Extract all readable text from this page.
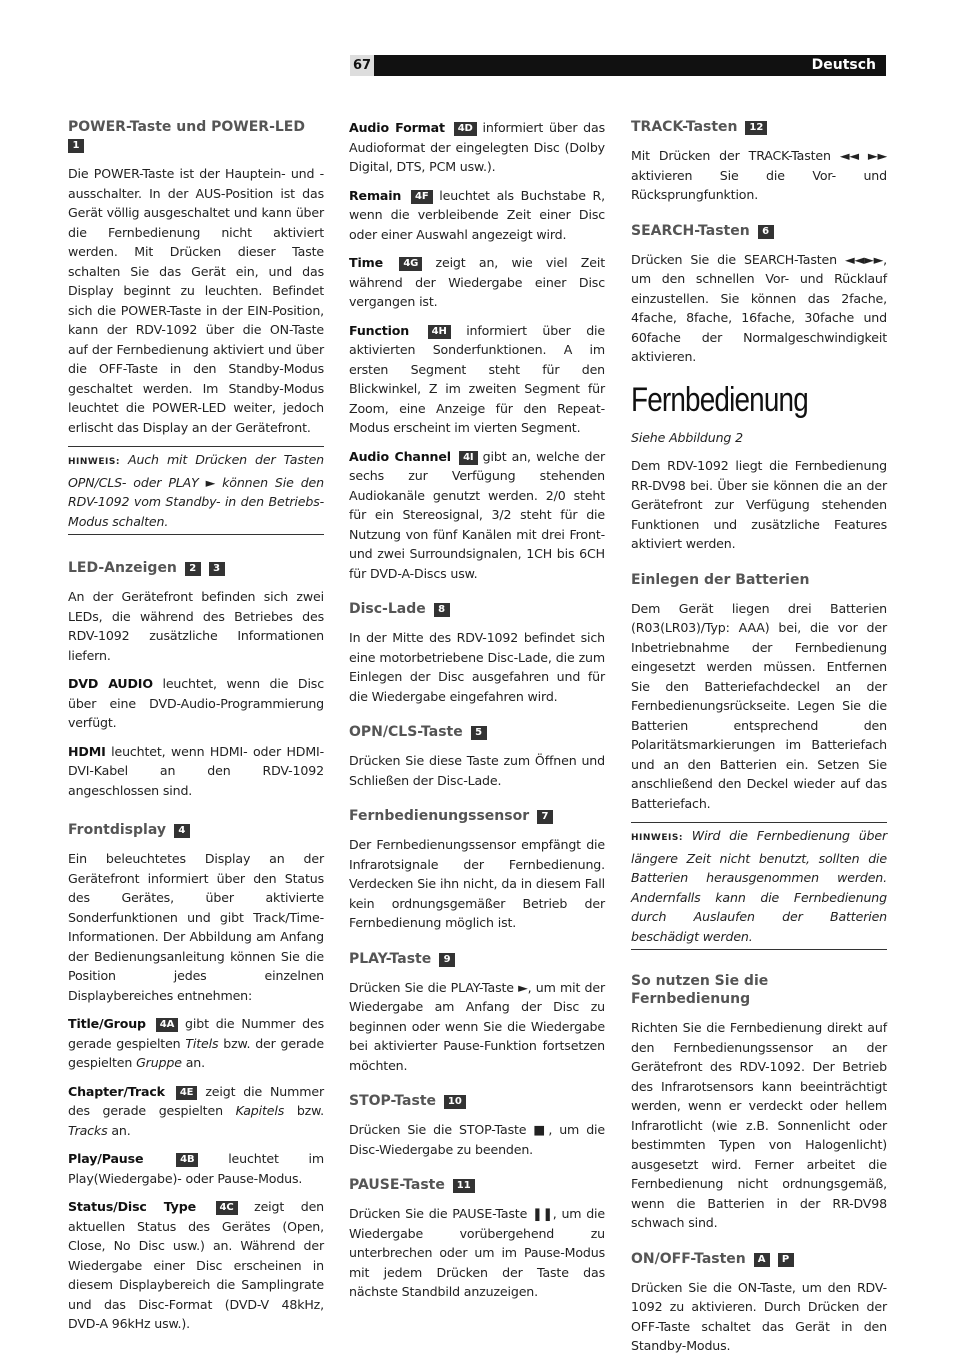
67	Deutsch
POWER-Taste und POWER-LED
1

Die POWER-Taste ist der Hauptein- und -ausschalter. In der AUS-Position ist das Gerät völlig ausgeschaltet und kann über die Fernbedienung nicht aktiviert werden. Mit Drücken dieser Taste schalten Sie das Gerät ein, und das Display beginnt zu leuchten. Befindet sich die POWER-Taste in der EIN-Position, kann der RDV-1092 über die ON-Taste auf der Fernbedienung aktiviert und über die OFF-Taste in den Standby-Modus geschaltet werden. Im Standby-Modus leuchtet die POWER-LED weiter, jedoch erlischt das Display an der Gerätefront.

HINWEIS: Auch mit Drücken der Tasten OPN/CLS- oder PLAY ► können Sie den RDV-1092 vom Standby- in den Betriebs-Modus schalten.

LED-Anzeigen 2 3

An der Gerätefront befinden sich zwei LEDs, die während des Betriebes des RDV-1092 zusätzliche Informationen liefern.

DVD AUDIO leuchtet, wenn die Disc über eine DVD-Audio-Programmierung verfügt.

HDMI leuchtet, wenn HDMI- oder HDMI-DVI-Kabel an den RDV-1092 angeschlossen sind.

Frontdisplay 4

Ein beleuchtetes Display an der Gerätefront informiert über den Status des Gerätes, über aktivierte Sonderfunktionen und gibt Track/Time-Informationen. Der Abbildung am Anfang der Bedienungsanleitung können Sie die Position jedes einzelnen Displaybereiches entnehmen:

Title/Group 4A gibt die Nummer des gerade gespielten Titels bzw. der gerade gespielten Gruppe an.

Chapter/Track 4E zeigt die Nummer des gerade gespielten Kapitels bzw. Tracks an.

Play/Pause	4B	leuchtet im Play(Wiedergabe)- oder Pause-Modus.

Status/Disc Type 4C zeigt den aktuellen Status des Gerätes (Open, Close, No Disc usw.) an. Während der Wiedergabe einer Disc erscheinen in diesem Displaybereich die Samplingrate und das Disc-Format (DVD-V 48kHz, DVD-A 96kHz usw.).

Audio Format 4D informiert über das Audioformat der eingelegten Disc (Dolby Digital, DTS, PCM usw.).

Remain 4F leuchtet als Buchstabe R, wenn die verbleibende Zeit einer Disc oder einer Auswahl angezeigt wird.

Time 4G zeigt an, wie viel Zeit während der Wiedergabe einer Disc vergangen ist.

Function 4H informiert über die aktivierten Sonderfunktionen. A im ersten Segment steht für den Blickwinkel, Z im zweiten Segment für Zoom, eine Anzeige für den Repeat-Modus erscheint im vierten Segment.

Audio Channel 4I gibt an, welche der sechs zur Verfügung stehenden Audiokanäle genutzt werden. 2/0 steht für ein Stereosignal, 3/2 steht für die Nutzung von fünf Kanälen mit drei Front- und zwei Surroundsignalen, 1CH bis 6CH für DVD-A-Discs usw.

Disc-Lade 8

In der Mitte des RDV-1092 befindet sich eine motorbetriebene Disc-Lade, die zum Einlegen der Disc ausgefahren und für die Wiedergabe eingefahren wird.

OPN/CLS-Taste 5

Drücken Sie diese Taste zum Öffnen und Schließen der Disc-Lade.

Fernbedienungssensor 7

Der Fernbedienungssensor empfängt die Infrarotsignale der Fernbedienung. Verdecken Sie ihn nicht, da in diesem Fall kein ordnungsgemäßer Betrieb der Fernbedienung möglich ist.

PLAY-Taste 9

Drücken Sie die PLAY-Taste ►, um mit der Wiedergabe am Anfang der Disc zu beginnen oder wenn Sie die Wiedergabe bei aktivierter Pause-Funktion fortsetzen möchten.

STOP-Taste 10

Drücken Sie die STOP-Taste ■, um die Disc-Wiedergabe zu beenden.

PAUSE-Taste 11

Drücken Sie die PAUSE-Taste ❚❚, um die Wiedergabe vorübergehend zu unterbrechen oder um im Pause-Modus mit jedem Drücken der Taste das nächste Standbild anzuzeigen.

TRACK-Tasten 12

Mit Drücken der TRACK-Tasten ◄◄ ►► aktivieren Sie die Vor- und Rücksprungfunktion.

SEARCH-Tasten 6

Drücken Sie die SEARCH-Tasten ◄◄►►, um den schnellen Vor- und Rücklauf einzustellen. Sie können das 2fache, 4fache, 8fache, 16fache, 30fache und 60fache der Normalgeschwindigkeit aktivieren.

Fernbedienung

Siehe Abbildung 2

Dem RDV-1092 liegt die Fernbedienung RR-DV98 bei. Über sie können die an der Gerätefront zur Verfügung stehenden Funktionen und zusätzliche Features aktiviert werden.

Einlegen der Batterien

Dem Gerät liegen drei Batterien (R03(LR03)/Typ: AAA) bei, die vor der Inbetriebnahme der Fernbedienung eingesetzt werden müssen. Entfernen Sie den Batteriefachdeckel an der Fernbedienungsrückseite. Legen Sie die Batterien entsprechend den Polaritätsmarkierungen im Batteriefach und an den Batterien ein. Setzen Sie anschließend den Deckel wieder auf das Batteriefach.

HINWEIS: Wird die Fernbedienung über längere Zeit nicht benutzt, sollten die Batterien herausgenommen werden. Andernfalls kann die Fernbedienung durch Auslaufen der Batterien beschädigt werden.

So nutzen Sie die Fernbedienung

Richten Sie die Fernbedienung direkt auf den Fernbedienungssensor an der Gerätefront des RDV-1092. Der Betrieb des Infrarotsensors kann beeinträchtigt werden, wenn er verdeckt oder hellem Infrarotlicht (wie z.B. Sonnenlicht oder bestimmten Typen von Halogenlicht) ausgesetzt wird. Ferner arbeitet die Fernbedienung nicht ordnungsgemäß, wenn die Batterien in der RR-DV98 schwach sind.

ON/OFF-Tasten A P

Drücken Sie die ON-Taste, um den RDV-1092 zu aktivieren. Durch Drücken der OFF-Taste schaltet das Gerät in den Standby-Modus.
